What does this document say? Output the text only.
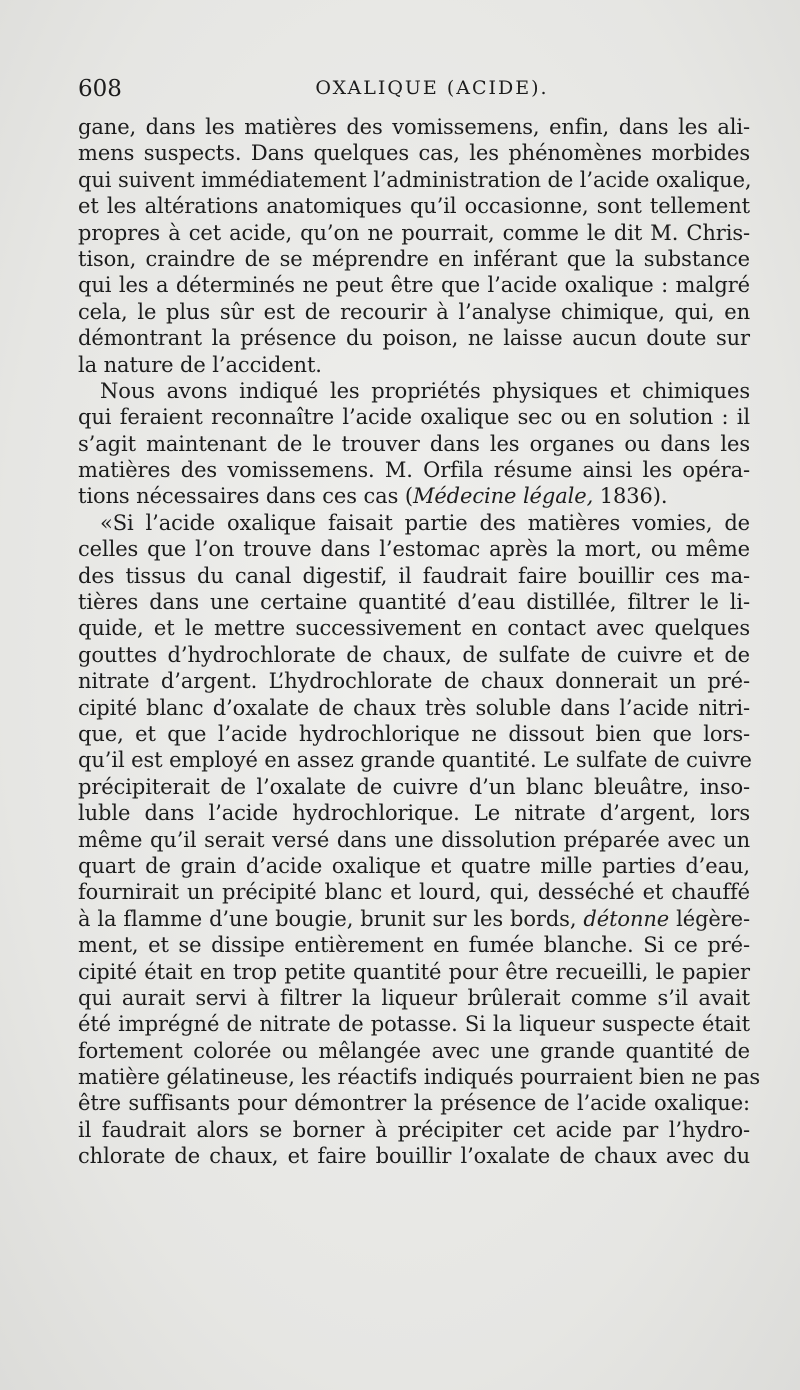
608	OXALIQUE (ACIDE).
gane, dans les matières des vomissemens, enfin, dans les ali-
mens suspects. Dans quelques cas, les phénomènes morbides
qui suivent immédiatement l’administration de l’acide oxalique,
et les altérations anatomiques qu’il occasionne, sont tellement
propres à cet acide, qu’on ne pourrait, comme le dit M. Chris-
tison, craindre de se méprendre en inférant que la substance
qui les a déterminés ne peut être que l’acide oxalique : malgré
cela, le plus sûr est de recourir à l’analyse chimique, qui, en
démontrant la présence du poison, ne laisse aucun doute sur
la nature de l’accident.
Nous avons indiqué les propriétés physiques et chimiques
qui feraient reconnaître l’acide oxalique sec ou en solution : il
s’agit maintenant de le trouver dans les organes ou dans les
matières des vomissemens. M. Orfila résume ainsi les opéra-
tions nécessaires dans ces cas (Médecine légale, 1836).
«Si l’acide oxalique faisait partie des matières vomies, de
celles que l’on trouve dans l’estomac après la mort, ou même
des tissus du canal digestif, il faudrait faire bouillir ces ma-
tières dans une certaine quantité d’eau distillée, filtrer le li-
quide, et le mettre successivement en contact avec quelques
gouttes d’hydrochlorate de chaux, de sulfate de cuivre et de
nitrate d’argent. L’hydrochlorate de chaux donnerait un pré-
cipité blanc d’oxalate de chaux très soluble dans l’acide nitri-
que, et que l’acide hydrochlorique ne dissout bien que lors-
qu’il est employé en assez grande quantité. Le sulfate de cuivre
précipiterait de l’oxalate de cuivre d’un blanc bleuâtre, inso-
luble dans l’acide hydrochlorique. Le nitrate d’argent, lors
même qu’il serait versé dans une dissolution préparée avec un
quart de grain d’acide oxalique et quatre mille parties d’eau,
fournirait un précipité blanc et lourd, qui, desséché et chauffé
à la flamme d’une bougie, brunit sur les bords, détonne légère-
ment, et se dissipe entièrement en fumée blanche. Si ce pré-
cipité était en trop petite quantité pour être recueilli, le papier
qui aurait servi à filtrer la liqueur brûlerait comme s’il avait
été imprégné de nitrate de potasse. Si la liqueur suspecte était
fortement colorée ou mêlangée avec une grande quantité de
matière gélatineuse, les réactifs indiqués pourraient bien ne pas
être suffisants pour démontrer la présence de l’acide oxalique:
il faudrait alors se borner à précipiter cet acide par l’hydro-
chlorate de chaux, et faire bouillir l’oxalate de chaux avec du
